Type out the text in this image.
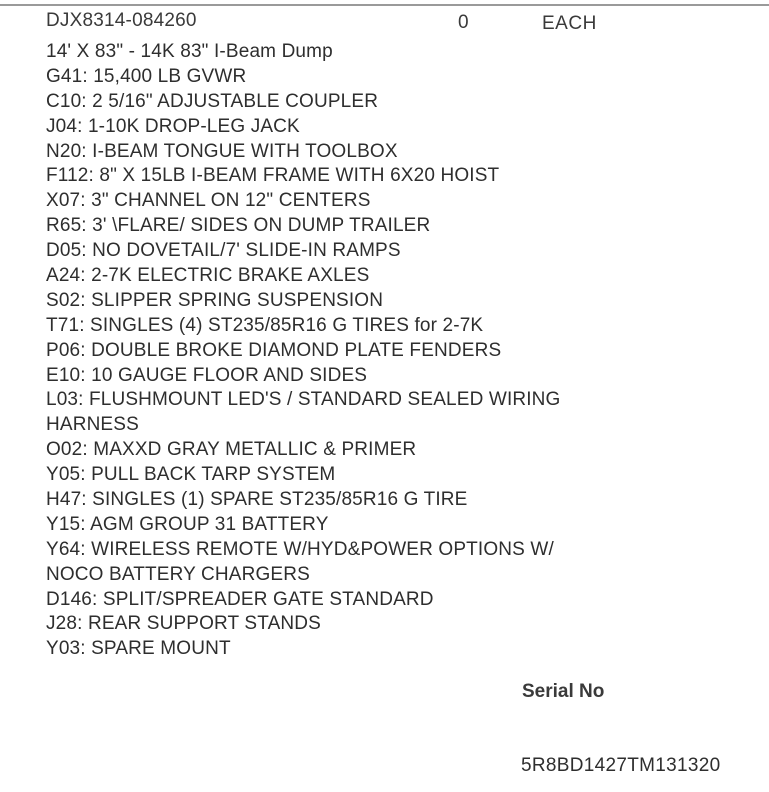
DJX8314-084260	0	EACH
14' X 83" - 14K 83" I-Beam Dump
G41: 15,400 LB GVWR
C10: 2 5/16" ADJUSTABLE COUPLER
J04: 1-10K DROP-LEG JACK
N20: I-BEAM TONGUE WITH TOOLBOX
F112: 8" X 15LB I-BEAM FRAME WITH 6X20 HOIST
X07: 3" CHANNEL ON 12" CENTERS
R65: 3' \FLARE/ SIDES ON DUMP TRAILER
D05: NO DOVETAIL/7' SLIDE-IN RAMPS
A24: 2-7K ELECTRIC BRAKE AXLES
S02: SLIPPER SPRING SUSPENSION
T71: SINGLES (4) ST235/85R16 G TIRES for 2-7K
P06: DOUBLE BROKE DIAMOND PLATE FENDERS
E10: 10 GAUGE FLOOR AND SIDES
L03: FLUSHMOUNT LED'S / STANDARD SEALED WIRING
HARNESS
O02: MAXXD GRAY METALLIC & PRIMER
Y05: PULL BACK TARP SYSTEM
H47: SINGLES (1) SPARE ST235/85R16 G TIRE
Y15: AGM GROUP 31 BATTERY
Y64: WIRELESS REMOTE W/HYD&POWER OPTIONS W/
NOCO BATTERY CHARGERS
D146: SPLIT/SPREADER GATE STANDARD
J28: REAR SUPPORT STANDS
Y03: SPARE MOUNT
Serial No
5R8BD1427TM131320
